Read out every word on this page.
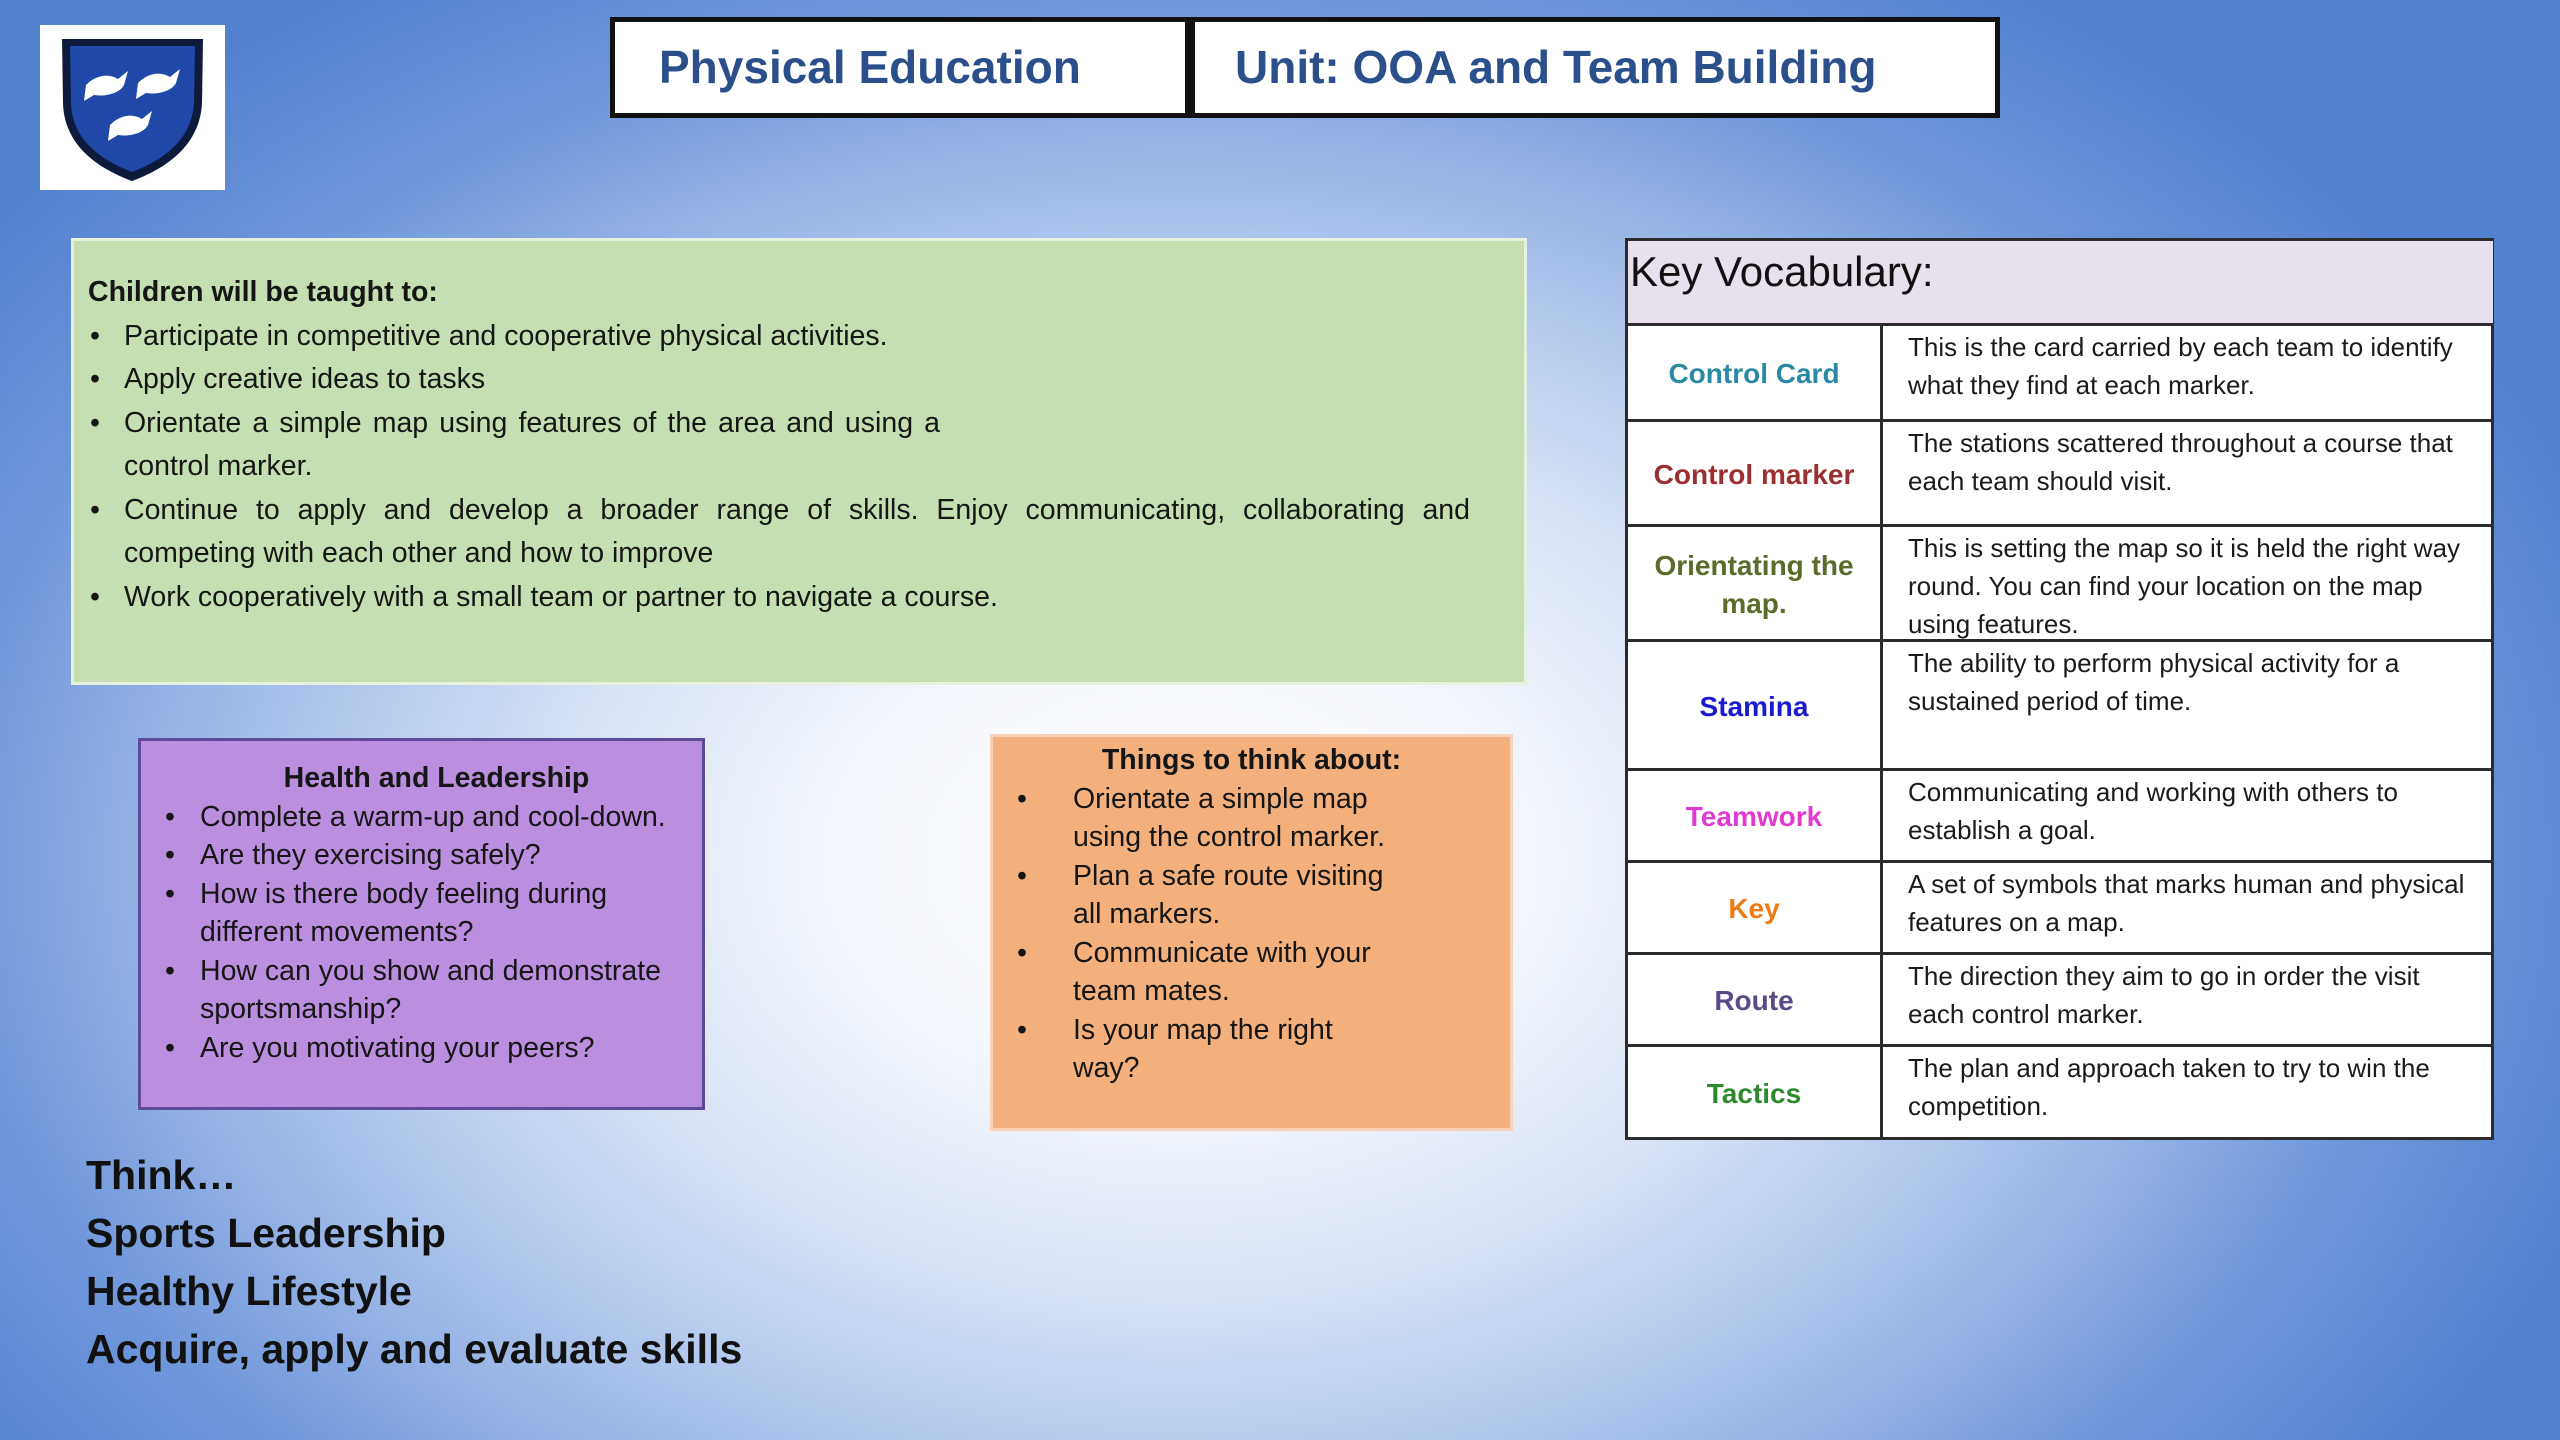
Physical Education	Unit: OOA and Team Building
Children will be taught to:
• Participate in competitive and cooperative physical activities.
• Apply creative ideas to tasks
• Orientate a simple map using features of the area and using a control marker.
• Continue to apply and develop a broader range of skills. Enjoy communicating, collaborating and competing with each other and how to improve
• Work cooperatively with a small team or partner to navigate a course.
Health and Leadership
• Complete a warm-up and cool-down.
• Are they exercising safely?
• How is there body feeling during different movements?
• How can you show and demonstrate sportsmanship?
• Are you motivating your peers?
Things to think about:
• Orientate a simple map using the control marker.
• Plan a safe route visiting all markers.
• Communicate with your team mates.
• Is your map the right way?
Think…
Sports Leadership
Healthy Lifestyle
Acquire, apply and evaluate skills
Key Vocabulary:
Control Card
This is the card carried by each team to identify what they find at each marker.
Control marker
The stations scattered throughout a course that each team should visit.
Orientating the map.
This is setting the map so it is held the right way round. You can find your location on the map using features.
Stamina
The ability to perform physical activity for a sustained period of time.
Teamwork
Communicating and working with others to establish a goal.
Key
A set of symbols that marks human and physical features on a map.
Route
The direction they aim to go in order the visit each control marker.
Tactics
The plan and approach taken to try to win the competition.
